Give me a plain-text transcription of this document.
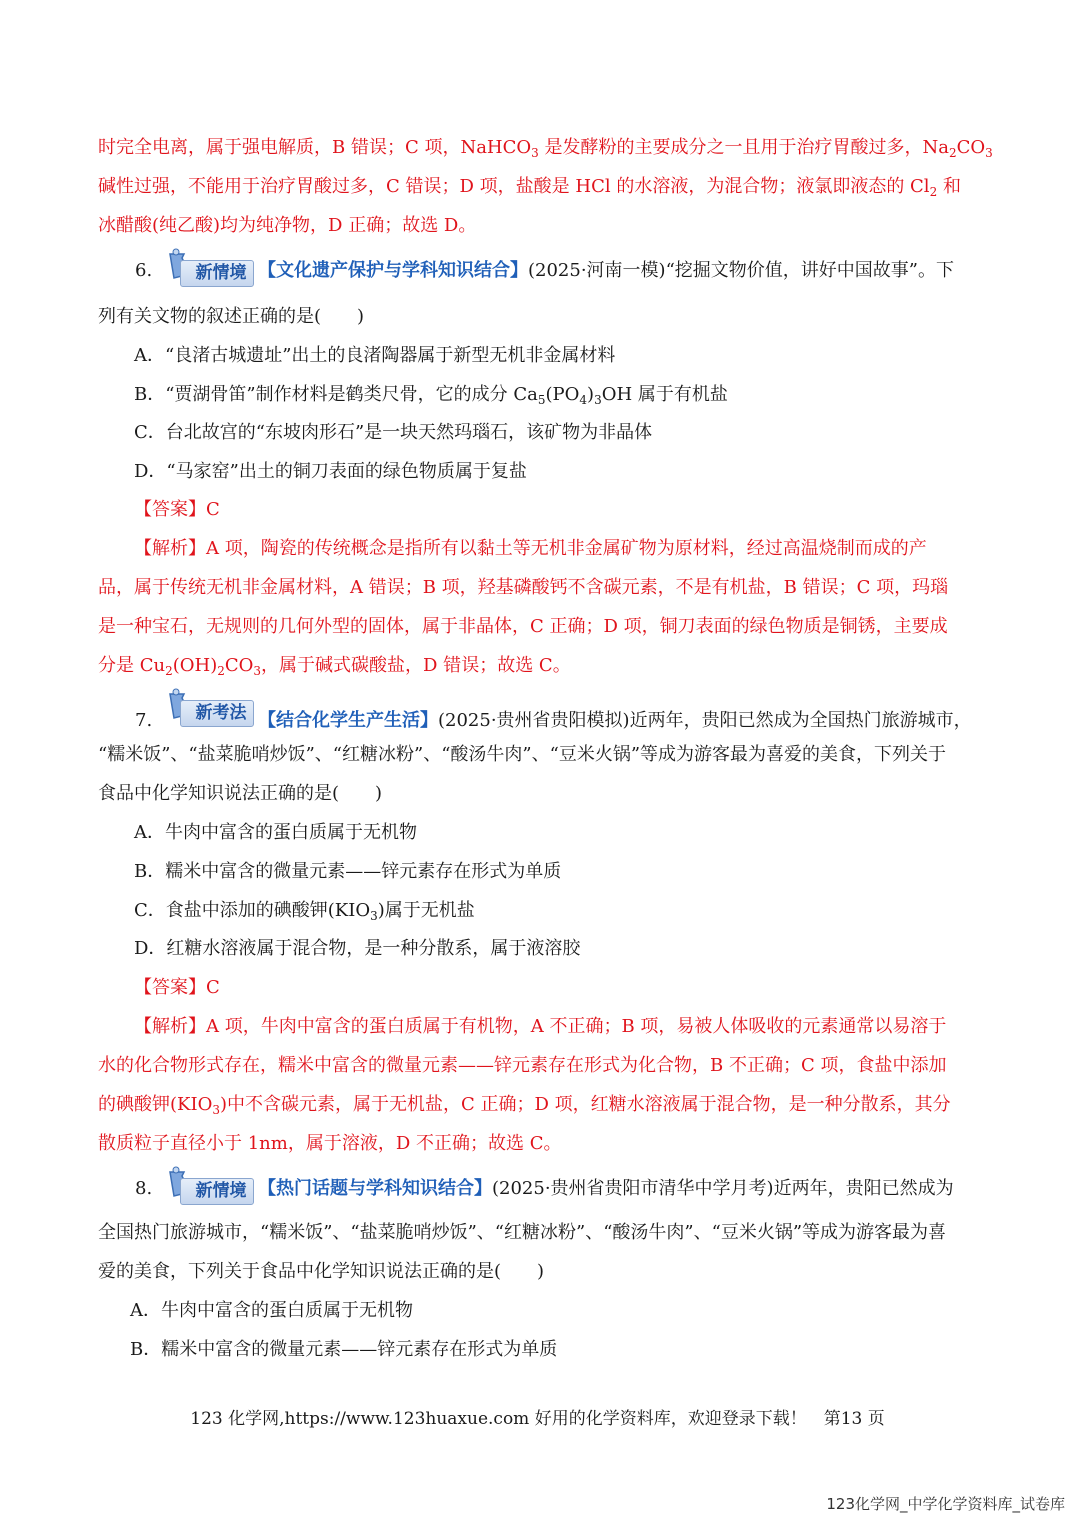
时完全电离，属于强电解质，B 错误；C 项，NaHCO$_3$ 是发酵粉的主要成分之一且用于治疗胃酸过多，$Na_2CO_3$
碱性过强，不能用于治疗胃酸过多，C 错误；D 项，盐酸是 HCl 的水溶液，为混合物；液氯即液态的 $Cl_2$ 和
冰醋酸(纯乙酸)均为纯净物，D 正确；故选 D。
6.	新情境 【文化遗产保护与学科知识结合】(2025·河南一模)“挖掘文物价值，讲好中国故事”。下
列有关文物的叙述正确的是(　　)
A．“良渚古城遗址”出土的良渚陶器属于新型无机非金属材料
B．“贾湖骨笛”制作材料是鹤类尺骨，它的成分 $Ca_5(PO_4)_3OH$ 属于有机盐
C．台北故宫的“东坡肉形石”是一块天然玛瑙石，该矿物为非晶体
D．“马家窑”出土的铜刀表面的绿色物质属于复盐
【答案】C
【解析】A 项，陶瓷的传统概念是指所有以黏土等无机非金属矿物为原材料，经过高温烧制而成的产
品，属于传统无机非金属材料，A 错误；B 项，羟基磷酸钙不含碳元素，不是有机盐，B 错误；C 项，玛瑙
是一种宝石，无规则的几何外型的固体，属于非晶体，C 正确；D 项，铜刀表面的绿色物质是铜锈，主要成
分是 $Cu_2(OH)_2CO_3$，属于碱式碳酸盐，D 错误；故选 C。
7.	新考法 【结合化学生产生活】(2025·贵州省贵阳模拟)近两年，贵阳已然成为全国热门旅游城市，
“糯米饭”、“盐菜脆哨炒饭”、“红糖冰粉”、“酸汤牛肉”、“豆米火锅”等成为游客最为喜爱的美食，下列关于
食品中化学知识说法正确的是(　　)
A．牛肉中富含的蛋白质属于无机物
B．糯米中富含的微量元素——锌元素存在形式为单质
C．食盐中添加的碘酸钾$(KIO_3)$属于无机盐
D．红糖水溶液属于混合物，是一种分散系，属于液溶胶
【答案】C
【解析】A 项，牛肉中富含的蛋白质属于有机物，A 不正确；B 项，易被人体吸收的元素通常以易溶于
水的化合物形式存在，糯米中富含的微量元素——锌元素存在形式为化合物，B 不正确；C 项，食盐中添加
的碘酸钾$(KIO_3)$中不含碳元素，属于无机盐，C 正确；D 项，红糖水溶液属于混合物，是一种分散系，其分
散质粒子直径小于 1nm，属于溶液，D 不正确；故选 C。
8.	新情境 【热门话题与学科知识结合】(2025·贵州省贵阳市清华中学月考)近两年，贵阳已然成为
全国热门旅游城市，“糯米饭”、“盐菜脆哨炒饭”、“红糖冰粉”、“酸汤牛肉”、“豆米火锅”等成为游客最为喜
爱的美食，下列关于食品中化学知识说法正确的是(　　)
A．牛肉中富含的蛋白质属于无机物
B．糯米中富含的微量元素——锌元素存在形式为单质
123 化学网,https://www.123huaxue.com 好用的化学资料库，欢迎登录下载！　第13 页
123化学网_中学化学资料库_试卷库
